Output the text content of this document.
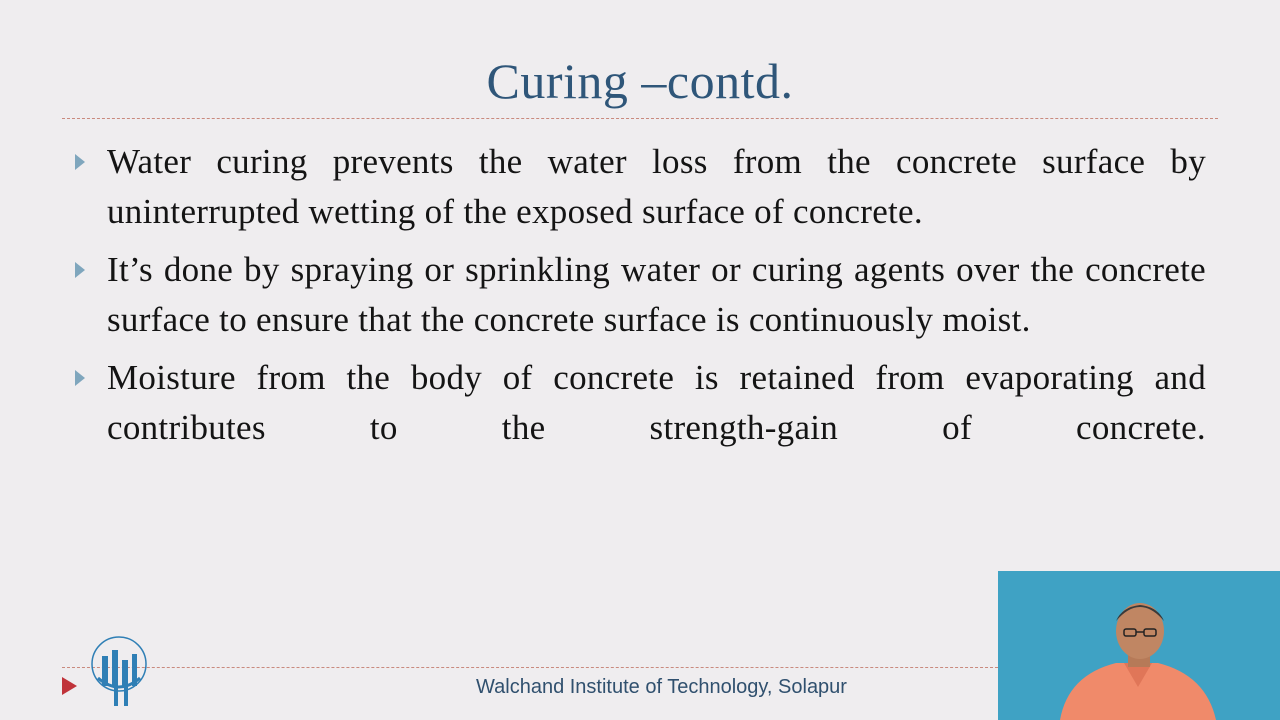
Curing –contd.
Water curing prevents the water loss from the concrete surface by uninterrupted wetting of the exposed surface of concrete.
It’s done by spraying or sprinkling water or curing agents over the concrete surface to ensure that the concrete surface is continuously moist.
Moisture from the body of concrete is retained from evaporating and contributes to the strength-gain of concrete.
Walchand Institute of Technology, Solapur
